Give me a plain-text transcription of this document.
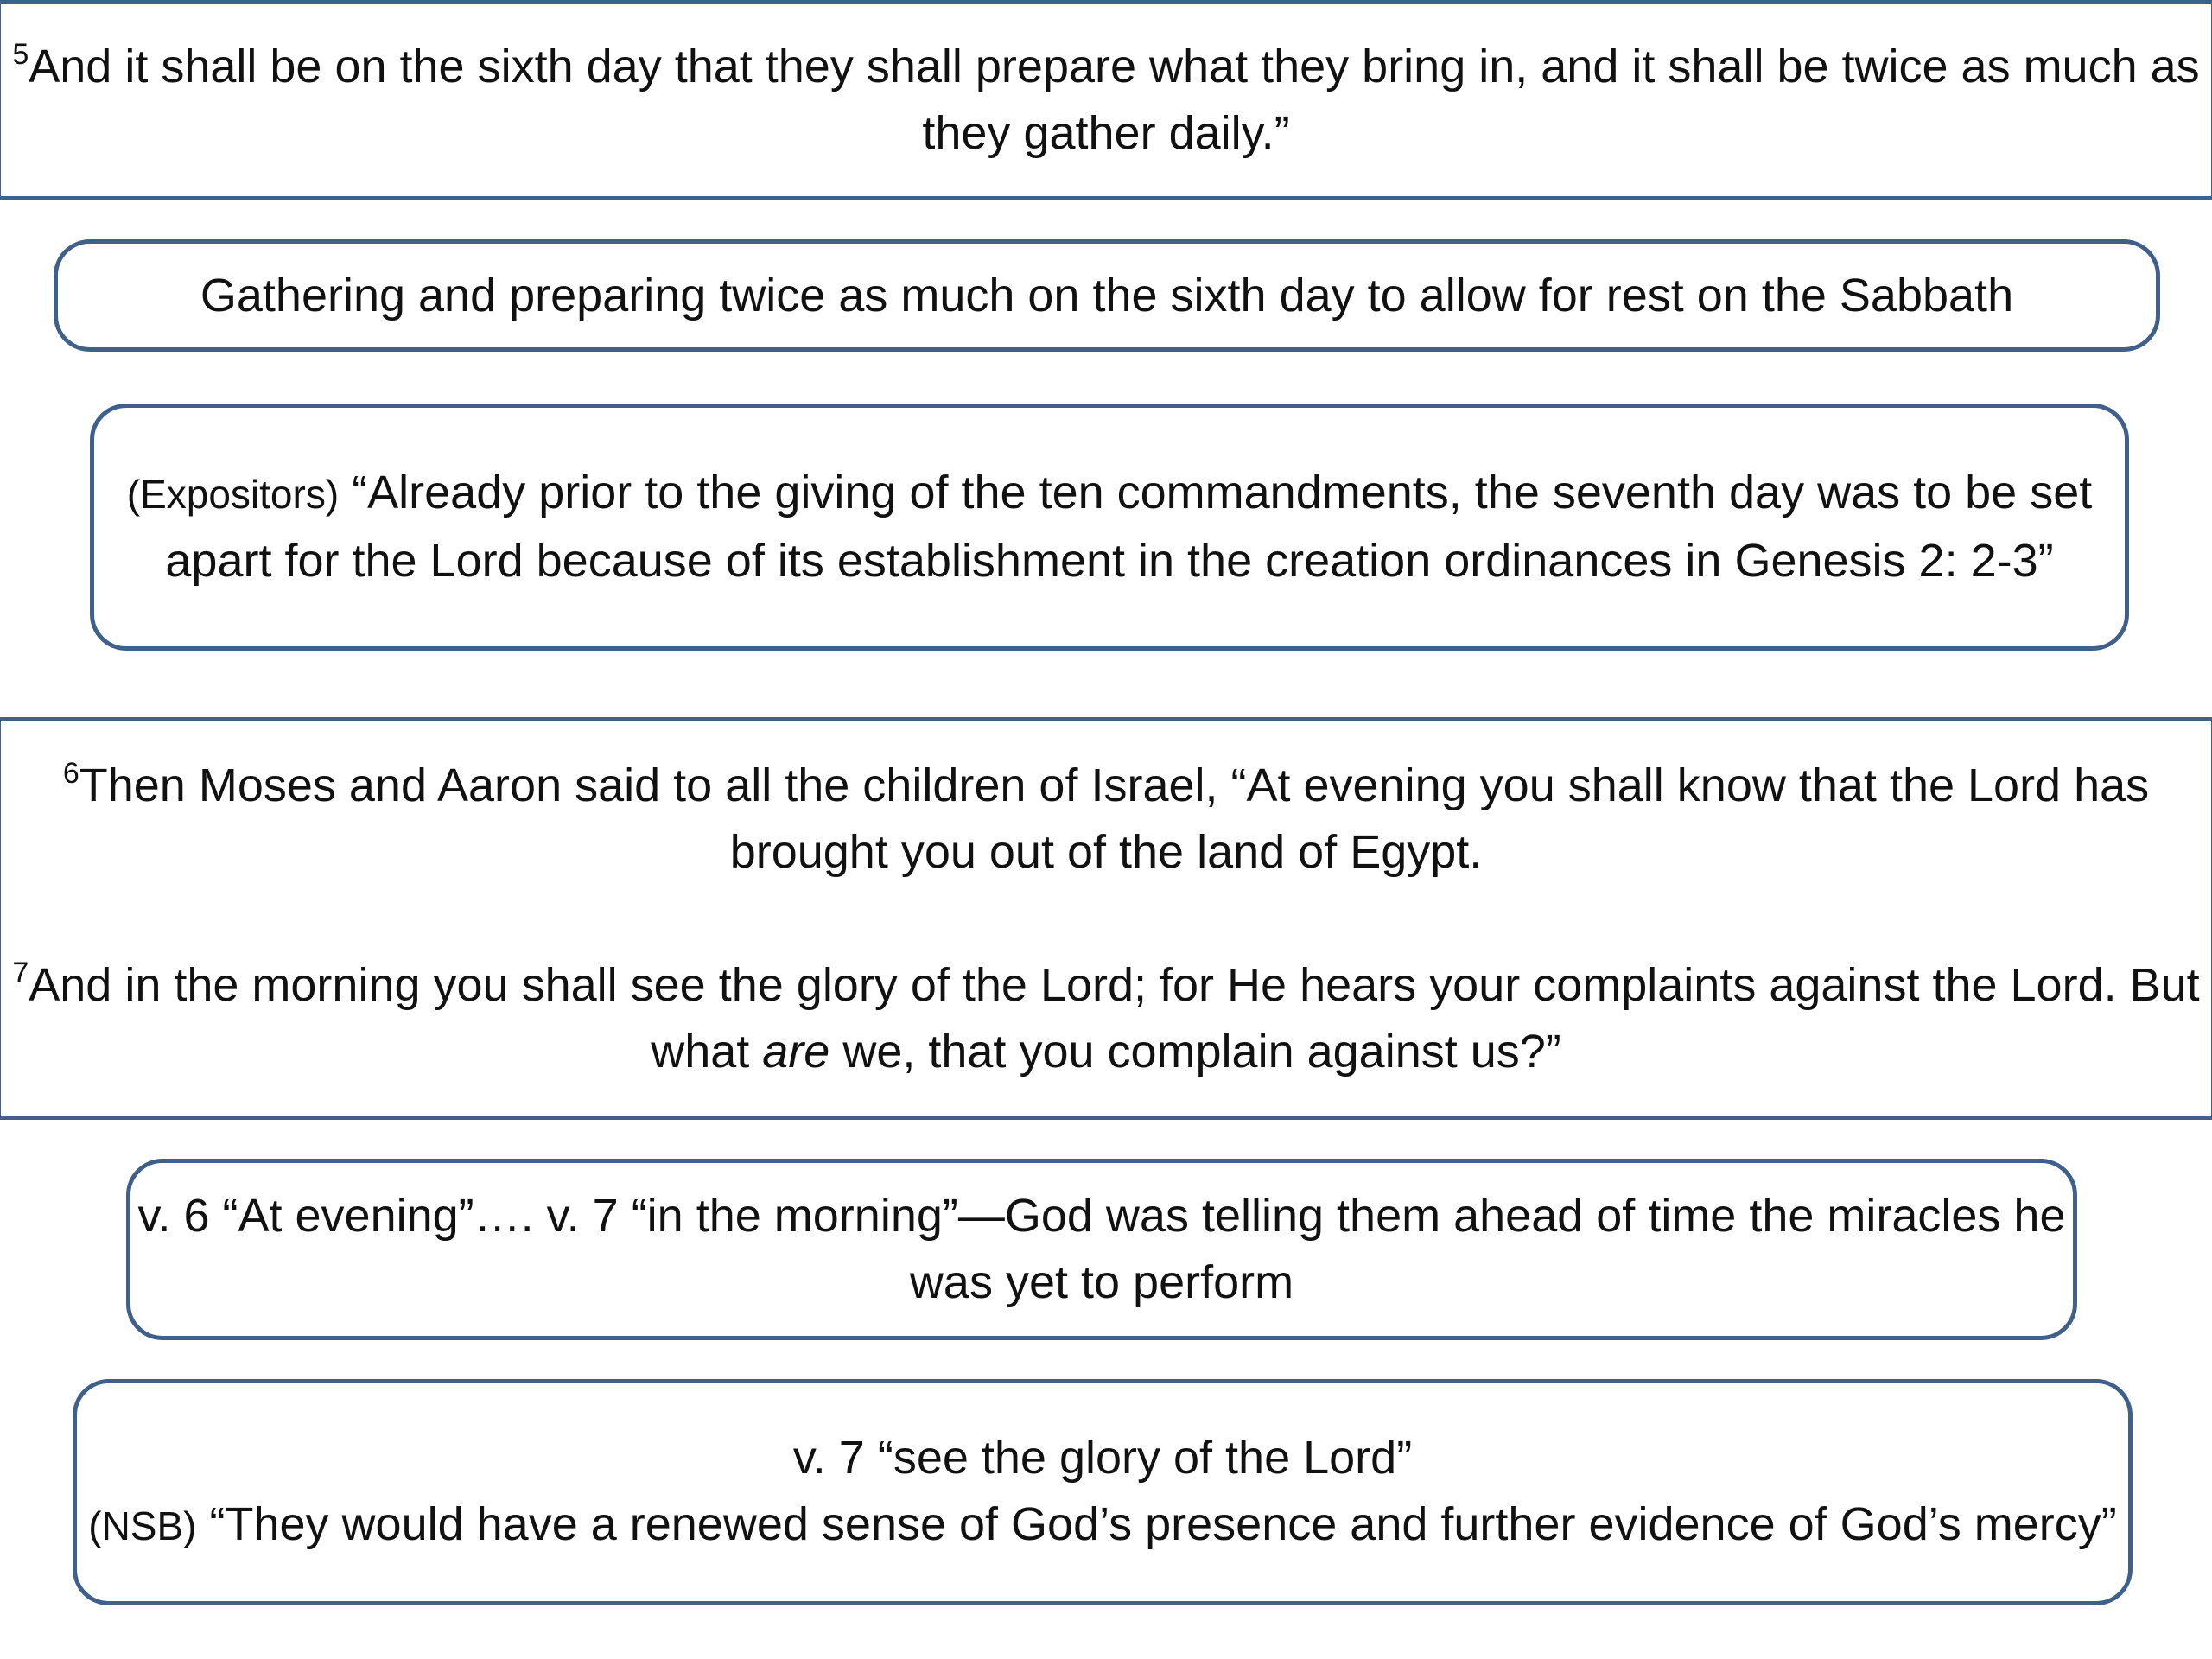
$^5$And it shall be on the sixth day that they shall prepare what they bring in, and it shall be twice as much as they gather daily.”

Gathering and preparing twice as much on the sixth day to allow for rest on the Sabbath

(Expositors) “Already prior to the giving of the ten commandments, the seventh day was to be set apart for the Lord because of its establishment in the creation ordinances in Genesis 2: 2-3”

$^6$Then Moses and Aaron said to all the children of Israel, “At evening you shall know that the Lord has brought you out of the land of Egypt.

$^7$And in the morning you shall see the glory of the Lord; for He hears your complaints against the Lord. But what are we, that you complain against us?”

v. 6 “At evening”…. v. 7 “in the morning”—God was telling them ahead of time the miracles he was yet to perform

v. 7 “see the glory of the Lord”

(NSB) “They would have a renewed sense of God’s presence and further evidence of God’s mercy”
